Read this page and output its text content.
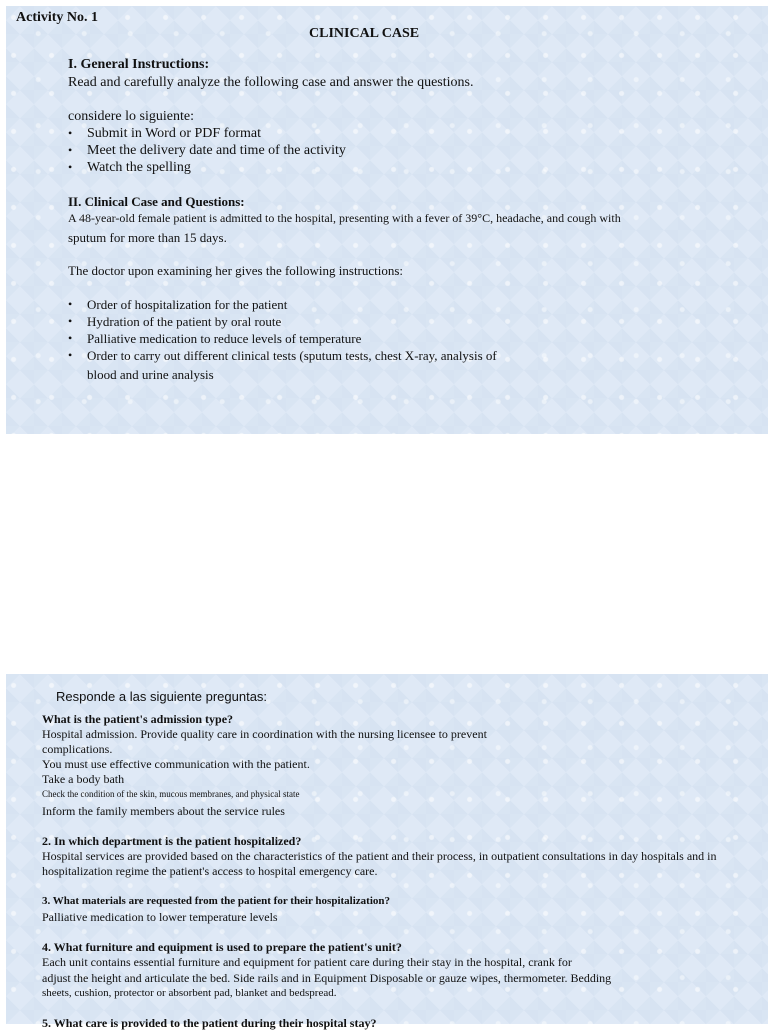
Activity No. 1
CLINICAL CASE
I. General Instructions:
Read and carefully analyze the following case and answer the questions.
considere lo siguiente:
• Submit in Word or PDF format
• Meet the delivery date and time of the activity
• Watch the spelling
II. Clinical Case and Questions:
A 48-year-old female patient is admitted to the hospital, presenting with a fever of 39°C, headache, and cough with
sputum for more than 15 days.
The doctor upon examining her gives the following instructions:
• Order of hospitalization for the patient
• Hydration of the patient by oral route
• Palliative medication to reduce levels of temperature
• Order to carry out different clinical tests (sputum tests, chest X-ray, analysis of
blood and urine analysis
Responde a las siguiente preguntas:
What is the patient's admission type?
Hospital admission. Provide quality care in coordination with the nursing licensee to prevent
complications.
You must use effective communication with the patient.
Take a body bath
Check the condition of the skin, mucous membranes, and physical state
Inform the family members about the service rules
2. In which department is the patient hospitalized?
Hospital services are provided based on the characteristics of the patient and their process, in outpatient consultations in day hospitals and in
hospitalization regime the patient's access to hospital emergency care.
3. What materials are requested from the patient for their hospitalization?
Palliative medication to lower temperature levels
4. What furniture and equipment is used to prepare the patient's unit?
Each unit contains essential furniture and equipment for patient care during their stay in the hospital, crank for
adjust the height and articulate the bed. Side rails and in Equipment Disposable or gauze wipes, thermometer. Bedding
sheets, cushion, protector or absorbent pad, blanket and bedspread.
5. What care is provided to the patient during their hospital stay?
